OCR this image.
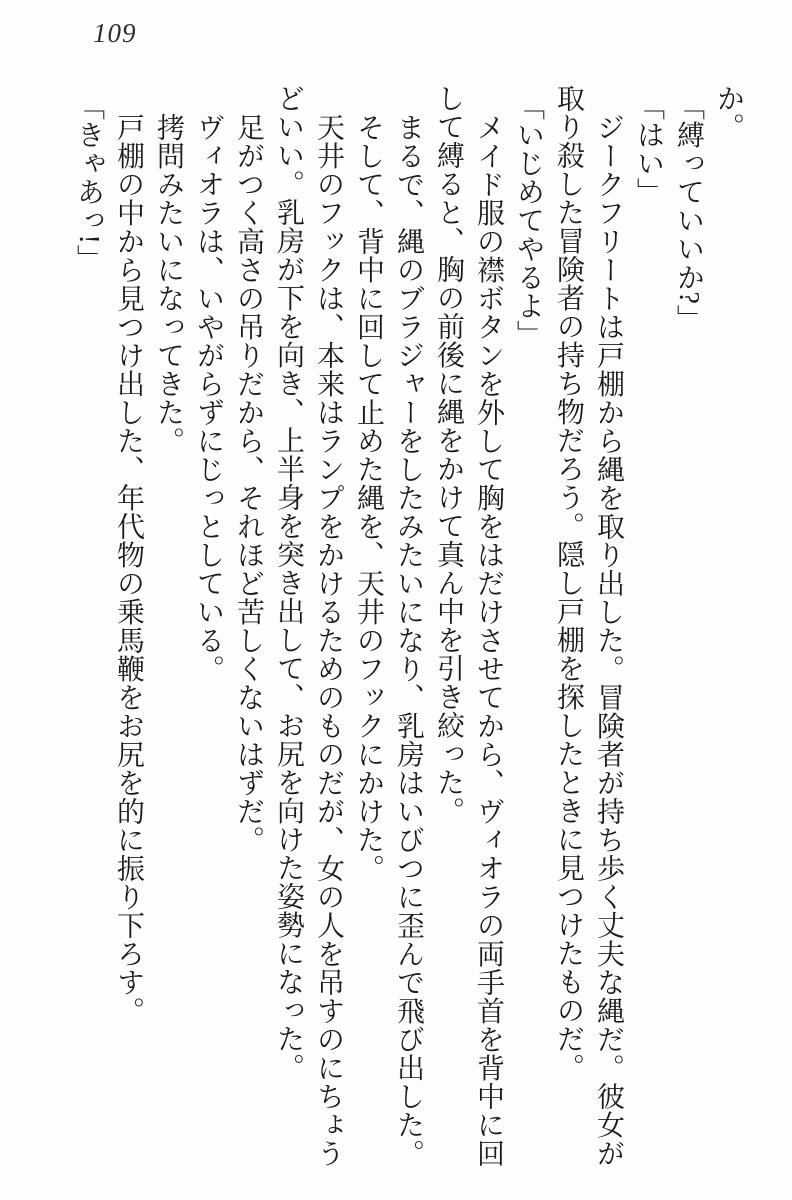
109

か。

「縛っていいか?」

「はい」

ジークフリートは戸棚から縄を取り出した。冒険者が持ち歩く丈夫な縄だ。彼女が

取り殺した冒険者の持ち物だろう。隠し戸棚を探したときに見つけたものだ。

「いじめてやるよ」

メイド服の襟ボタンを外して胸をはだけさせてから、ヴィオラの両手首を背中に回

して縛ると、胸の前後に縄をかけて真ん中を引き絞った。

まるで、縄のブラジャーをしたみたいになり、乳房はいびつに歪んで飛び出した。

そして、背中に回して止めた縄を、天井のフックにかけた。

天井のフックは、本来はランプをかけるためのものだが、女の人を吊すのにちょう

どいい。乳房が下を向き、上半身を突き出して、お尻を向けた姿勢になった。

足がつく高さの吊りだから、それほど苦しくないはずだ。

ヴィオラは、いやがらずにじっとしている。

拷問みたいになってきた。

戸棚の中から見つけ出した、年代物の乗馬鞭をお尻を的に振り下ろす。

「きゃあっ!」
